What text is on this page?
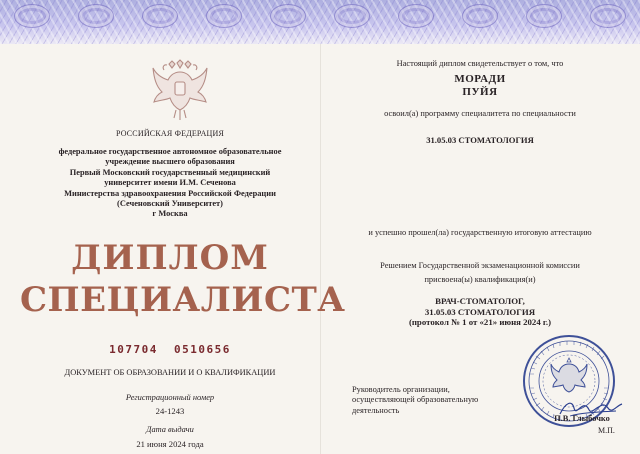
РОССИЙСКАЯ ФЕДЕРАЦИЯ
федеральное государственное автономное образовательное
учреждение высшего образования
Первый Московский государственный медицинский
университет имени И.М. Сеченова
Министерства здравоохранения Российской Федерации
(Сеченовский Университет)
г Москва
ДИПЛОМ
СПЕЦИАЛИСТА
107704  0510656
ДОКУМЕНТ ОБ ОБРАЗОВАНИИ И О КВАЛИФИКАЦИИ
Регистрационный номер
24-1243
Дата выдачи
21 июня 2024 года
Настоящий диплом свидетельствует о том, что
МОРАДИ
ПУЙЯ
освоил(а) программу специалитета по специальности
31.05.03 СТОМАТОЛОГИЯ
и успешно прошел(ла) государственную итоговую аттестацию
Решением Государственной экзаменационной комиссии
присвоена(ы) квалификация(и)
ВРАЧ-СТОМАТОЛОГ,
31.05.03 СТОМАТОЛОГИЯ
(протокол № 1 от «21» июня 2024 г.)
Руководитель организации,
осуществляющей образовательную
деятельность
П.В. Глыбочко
М.П.
